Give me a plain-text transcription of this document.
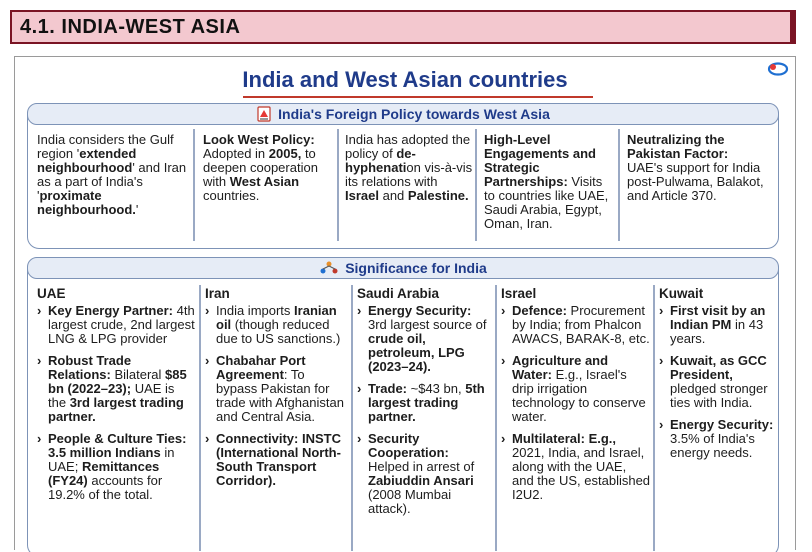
4.1. INDIA-WEST ASIA
India and West Asian countries
India's Foreign Policy towards West Asia
India considers the Gulf region 'extended neighbourhood' and Iran as a part of India's 'proximate neighbourhood.'
Look West Policy: Adopted in 2005, to deepen cooperation with West Asian countries.
India has adopted the policy of de-hyphenation vis-à-vis its relations with Israel and Palestine.
High-Level Engagements and Strategic Partnerships: Visits to countries like UAE, Saudi Arabia, Egypt, Oman, Iran.
Neutralizing the Pakistan Factor: UAE's support for India post-Pulwama, Balakot, and Article 370.
Significance for India
UAE
› Key Energy Partner: 4th largest crude, 2nd largest LNG & LPG provider
› Robust Trade Relations: Bilateral $85 bn (2022–23); UAE is the 3rd largest trading partner.
› People & Culture Ties: 3.5 million Indians in UAE; Remittances (FY24) accounts for 19.2% of the total.
Iran
› India imports Iranian oil (though reduced due to US sanctions.)
› Chabahar Port Agreement: To bypass Pakistan for trade with Afghanistan and Central Asia.
› Connectivity: INSTC (International North-South Transport Corridor).
Saudi Arabia
› Energy Security: 3rd largest source of crude oil, petroleum, LPG (2023–24).
› Trade: ~$43 bn, 5th largest trading partner.
› Security Cooperation: Helped in arrest of Zabiuddin Ansari (2008 Mumbai attack).
Israel
› Defence: Procurement by India; from Phalcon AWACS, BARAK-8, etc.
› Agriculture and Water: E.g., Israel's drip irrigation technology to conserve water.
› Multilateral: E.g., 2021, India, and Israel, along with the UAE, and the US, established I2U2.
Kuwait
› First visit by an Indian PM in 43 years.
› Kuwait, as GCC President, pledged stronger ties with India.
› Energy Security: 3.5% of India's energy needs.
